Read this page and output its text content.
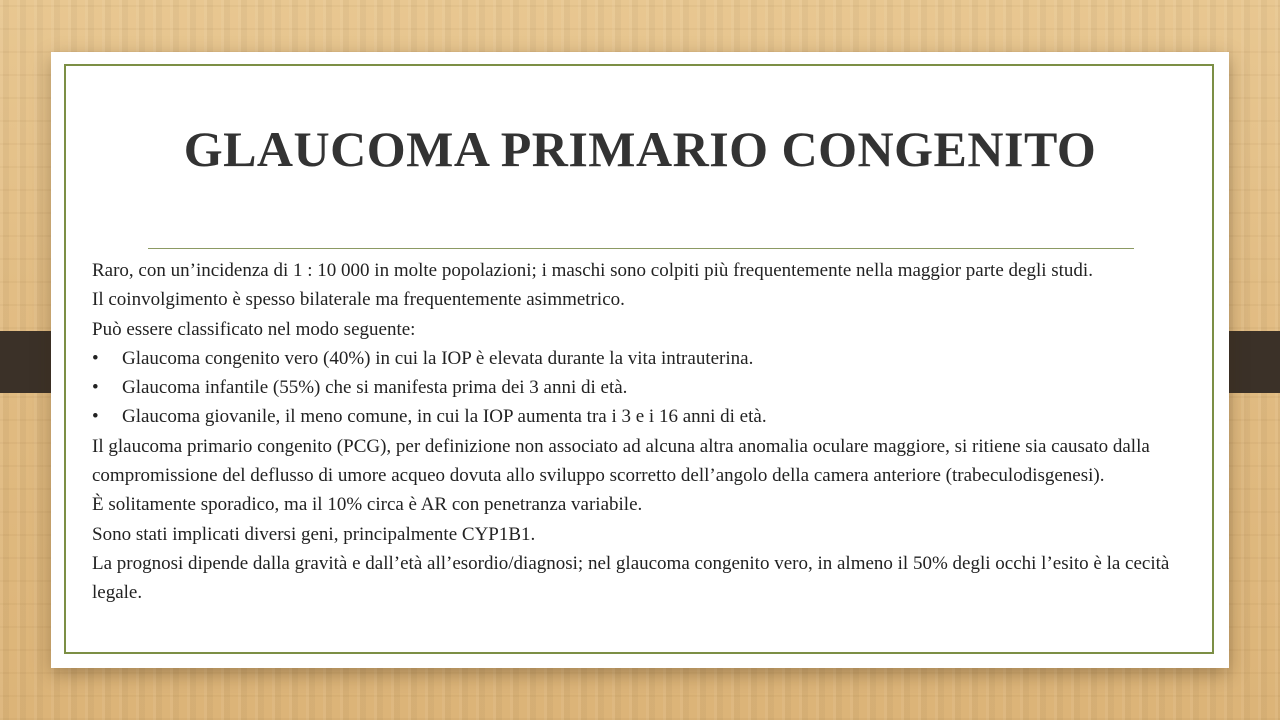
GLAUCOMA PRIMARIO CONGENITO

Raro, con un’incidenza di 1 : 10 000 in molte popolazioni; i maschi sono colpiti più frequentemente nella maggior parte degli studi.

Il coinvolgimento è spesso bilaterale ma frequentemente asimmetrico.

Può essere classificato nel modo seguente:

• Glaucoma congenito vero (40%) in cui la IOP è elevata durante la vita intrauterina.

• Glaucoma infantile (55%) che si manifesta prima dei 3 anni di età.

• Glaucoma giovanile, il meno comune, in cui la IOP aumenta tra i 3 e i 16 anni di età.

Il glaucoma primario congenito (PCG), per definizione non associato ad alcuna altra anomalia oculare maggiore, si ritiene sia causato dalla compromissione del deflusso di umore acqueo dovuta allo sviluppo scorretto dell’angolo della camera anteriore (trabeculodisgenesi).

È solitamente sporadico, ma il 10% circa è AR con penetranza variabile.

Sono stati implicati diversi geni, principalmente CYP1B1.

La prognosi dipende dalla gravità e dall’età all’esordio/diagnosi; nel glaucoma congenito vero, in almeno il 50% degli occhi l’esito è la cecità legale.
